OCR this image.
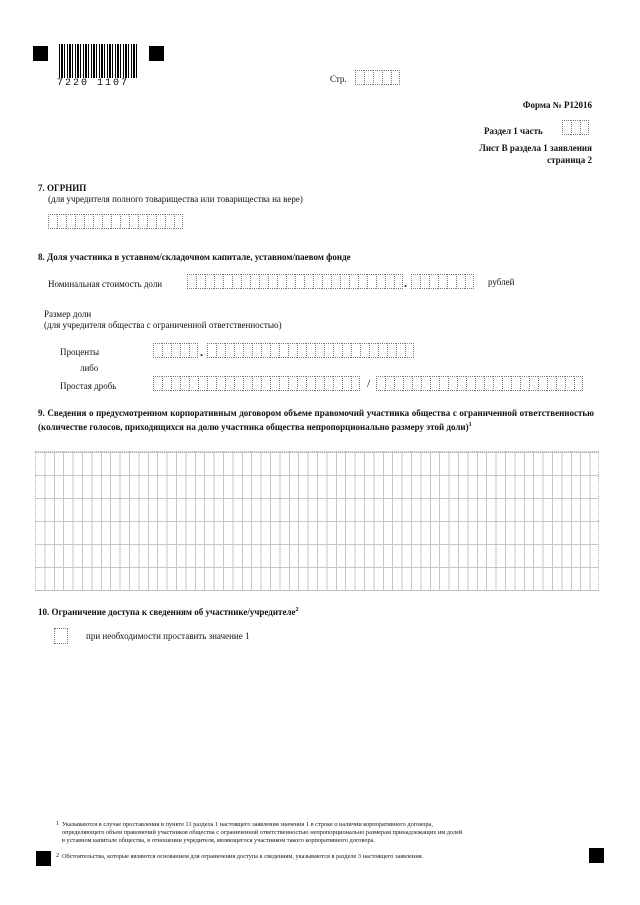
7220 1107	Стр.
Форма № Р12016
Раздел 1 часть
Лист В раздела 1 заявления
страница 2
7. ОГРНИП
(для учредителя полного товарищества или товарищества на вере)
8. Доля участника в уставном/складочном капитале, уставном/паевом фонде
Номинальная стоимость доли	.	рублей
Размер доли
(для учредителя общества с ограниченной ответственностью)
Проценты	.
либо
Простая дробь	/
9. Сведения о предусмотренном корпоративным договором объеме правомочий участника общества с ограниченной ответственностью (количестве голосов, приходящихся на долю участника общества непропорционально размеру этой доли)$^1$
10. Ограничение доступа к сведениям об участнике/учредителе$^2$
при необходимости проставить значение 1
1 Указываются в случае проставления в пункте 11 раздела 1 настоящего заявления значения 1 в строке о наличии корпоративного договора,
определяющего объем правомочий участников общества с ограниченной ответственностью непропорционально размерам принадлежащих им долей
в уставном капитале общества, в отношении учредителя, являющегося участником такого корпоративного договора.
2 Обстоятельства, которые являются основанием для ограничения доступа к сведениям, указываются в разделе 3 настоящего заявления.
